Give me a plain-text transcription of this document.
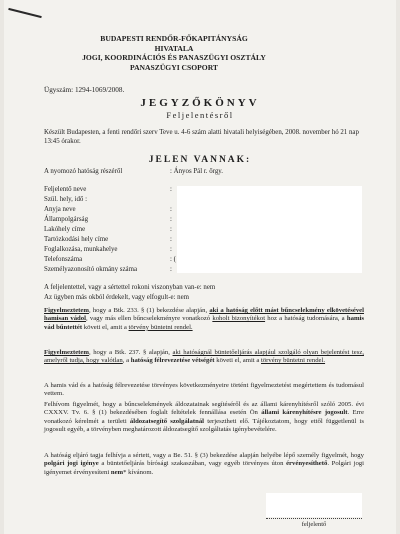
BUDAPESTI RENDŐR-FŐKAPITÁNYSÁG
HIVATALA
JOGI, KOORDINÁCIÓS ÉS PANASZÜGYI OSZTÁLY
PANASZÜGYI CSOPORT
Ügyszám: 1294-1069/2008.
JEGYZŐKÖNYV
Feljelentésről
Készült Budapesten, a fenti rendőri szerv Teve u. 4-6 szám alatti hivatali helyiségében, 2008. november hó 21 nap 13:45 órakor.
JELEN VANNAK:
A nyomozó hatóság részéről	: Ányos Pál r. őrgy.
Feljelentő neve	:
Szül. hely, idő :
Anyja neve	:
Állampolgárság	:
Lakóhely címe	:
Tartózkodási hely címe	:
Foglalkozása, munkahelye	:
Telefonszáma	: (
Személyazonosító okmány száma	:
A feljelentettel, vagy a sértettel rokoni viszonyban van-e: nem
Az ügyben más okból érdekelt, vagy elfogult-e: nem
Figyelmeztetem, hogy a Btk. 233. § (1) bekezdése alapján, aki a hatóság előtt mást bűncselekmény elkövetésével hamisan vádol, vagy más ellen bűncselekményre vonatkozó koholt bizonyítékot hoz a hatóság tudomására, a hamis vád bűntettét követi el, amit a törvény büntetni rendel.
Figyelmeztetem, hogy a Btk. 237. § alapján, aki hatóságnál büntetőeljárás alapjául szolgáló olyan bejelentést tesz, amelyről tudja, hogy valótlan, a hatóság félrevezetése vétségét követi el, amit a törvény büntetni rendel.
A hamis vád és a hatóság félrevezetése törvényes következményeire történt figyelmeztetést megértettem és tudomásul vettem.
Felhívom figyelmét, hogy a bűncselekmények áldozatainak segítéséről és az állami kárenyhítésről szóló 2005. évi CXXXV. Tv. 6. § (1) bekezdésében foglalt feltételek fennállása esetén Ön állami kárenyhítésre jogosult. Erre vonatkozó kérelmét a területi áldozatsegítő szolgálatnál terjesztheti elő. Tájékoztatom, hogy ettől függetlenül is jogosult egyéb, a törvényben meghatározott áldozatsegítő szolgáltatás igénybevételére.
A hatóság eljáró tagja felhívja a sértett, vagy a Be. 51. § (3) bekezdése alapján helyébe lépő személy figyelmét, hogy polgári jogi igénye a büntetőeljárás bírósági szakaszában, vagy egyéb törvényes úton érvényesíthető. Polgári jogi igényemet érvényesíteni nem* kívánom.
feljelentő
